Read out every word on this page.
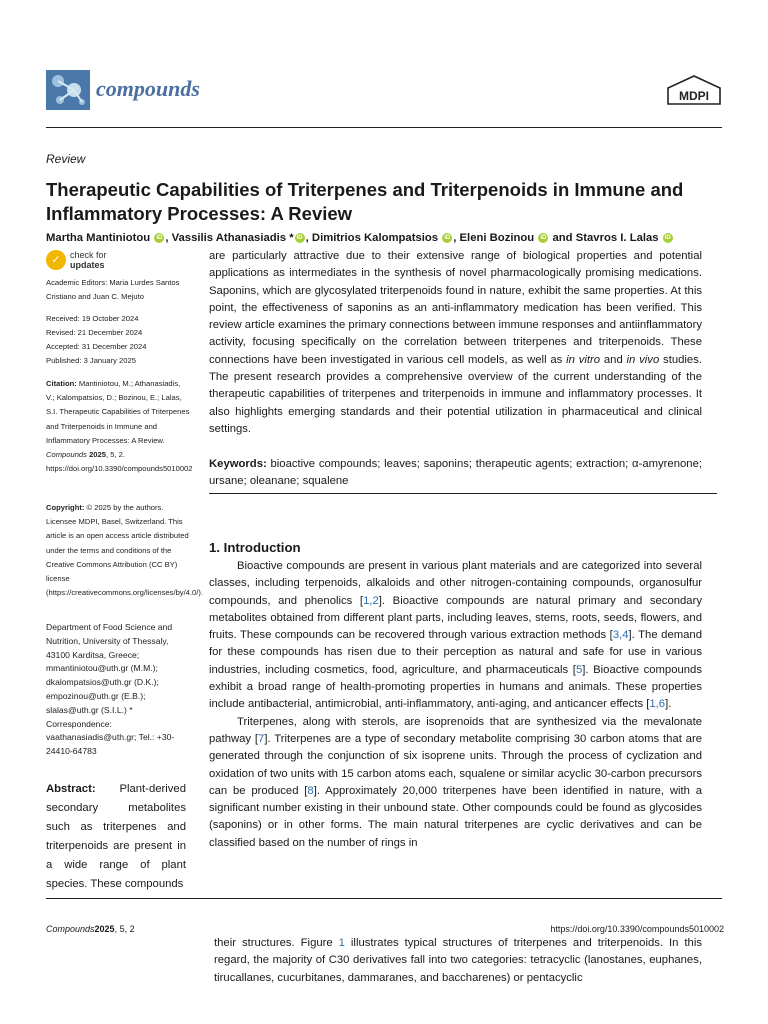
compounds	MDPI
Review
Therapeutic Capabilities of Triterpenes and Triterpenoids in Immune and Inflammatory Processes: A Review
Martha Mantiniotou iD , Vassilis Athanasiadis * iD , Dimitrios Kalompatsios iD , Eleni Bozinou iD and Stavros I. Lalas iD
✓	check for
updates
Academic Editors: Maria Lurdes Santos Cristiano and Juan C. Mejuto
Received: 19 October 2024
Revised: 21 December 2024
Accepted: 31 December 2024
Published: 3 January 2025
Citation: Mantiniotou, M.; Athanasiadis, V.; Kalompatsios, D.; Bozinou, E.; Lalas, S.I. Therapeutic Capabilities of Triterpenes and Triterpenoids in Immune and Inflammatory Processes: A Review. Compounds 2025, 5, 2. https://doi.org/10.3390/compounds5010002
Copyright: © 2025 by the authors. Licensee MDPI, Basel, Switzerland. This article is an open access article distributed under the terms and conditions of the Creative Commons Attribution (CC BY) license (https://creativecommons.org/licenses/by/4.0/).
Department of Food Science and Nutrition, University of Thessaly, 43100 Karditsa, Greece; mmantiniotou@uth.gr (M.M.); dkalompatsios@uth.gr (D.K.); empozinou@uth.gr (E.B.); slalas@uth.gr (S.I.L.) * Correspondence: vaathanasiadis@uth.gr; Tel.: +30-24410-64783
Abstract: Plant-derived secondary metabolites such as triterpenes and triterpenoids are present in a wide range of plant species. These compounds
are particularly attractive due to their extensive range of biological properties and potential applications as intermediates in the synthesis of novel pharmacologically promising medications. Saponins, which are glycosylated triterpenoids found in nature, exhibit the same properties. At this point, the effectiveness of saponins as an anti-inflammatory medication has been verified. This review article examines the primary connections between immune responses and antiinflammatory activity, focusing specifically on the correlation between triterpenes and triterpenoids. These connections have been investigated in various cell models, as well as in vitro and in vivo studies. The present research provides a comprehensive overview of the current understanding of the therapeutic capabilities of triterpenes and triterpenoids in immune and inflammatory processes. It also highlights emerging standards and their potential utilization in pharmaceutical and clinical settings.
Keywords: bioactive compounds; leaves; saponins; therapeutic agents; extraction; α-amyrenone; ursane; oleanane; squalene
1. Introduction

Bioactive compounds are present in various plant materials and are categorized into several classes, including terpenoids, alkaloids and other nitrogen-containing compounds, organosulfur compounds, and phenolics [1,2]. Bioactive compounds are natural primary and secondary metabolites obtained from different plant parts, including leaves, stems, roots, seeds, flowers, and fruits. These compounds can be recovered through various extraction methods [3,4]. The demand for these compounds has risen due to their perception as natural and safe for use in various industries, including cosmetics, food, agriculture, and pharmaceuticals [5]. Bioactive compounds exhibit a broad range of health-promoting properties in humans and animals. These properties include antibacterial, antimicrobial, anti-inflammatory, anti-aging, and anticancer effects [1,6].

Triterpenes, along with sterols, are isoprenoids that are synthesized via the mevalonate pathway [7]. Triterpenes are a type of secondary metabolite comprising 30 carbon atoms that are generated through the conjunction of six isoprene units. Through the process of cyclization and oxidation of two units with 15 carbon atoms each, squalene or similar acyclic 30-carbon precursors can be produced [8]. Approximately 20,000 triterpenes have been identified in nature, with a significant number existing in their unbound state. Other compounds could be found as glycosides (saponins) or in other forms. The main natural triterpenes are cyclic derivatives and can be classified based on the number of rings in

Compounds2025, 5, 2	https://doi.org/10.3390/compounds5010002
their structures. Figure 1 illustrates typical structures of triterpenes and triterpenoids. In this regard, the majority of C30 derivatives fall into two categories: tetracyclic (lanostanes, euphanes, tirucallanes, cucurbitanes, dammaranes, and baccharenes) or pentacyclic
